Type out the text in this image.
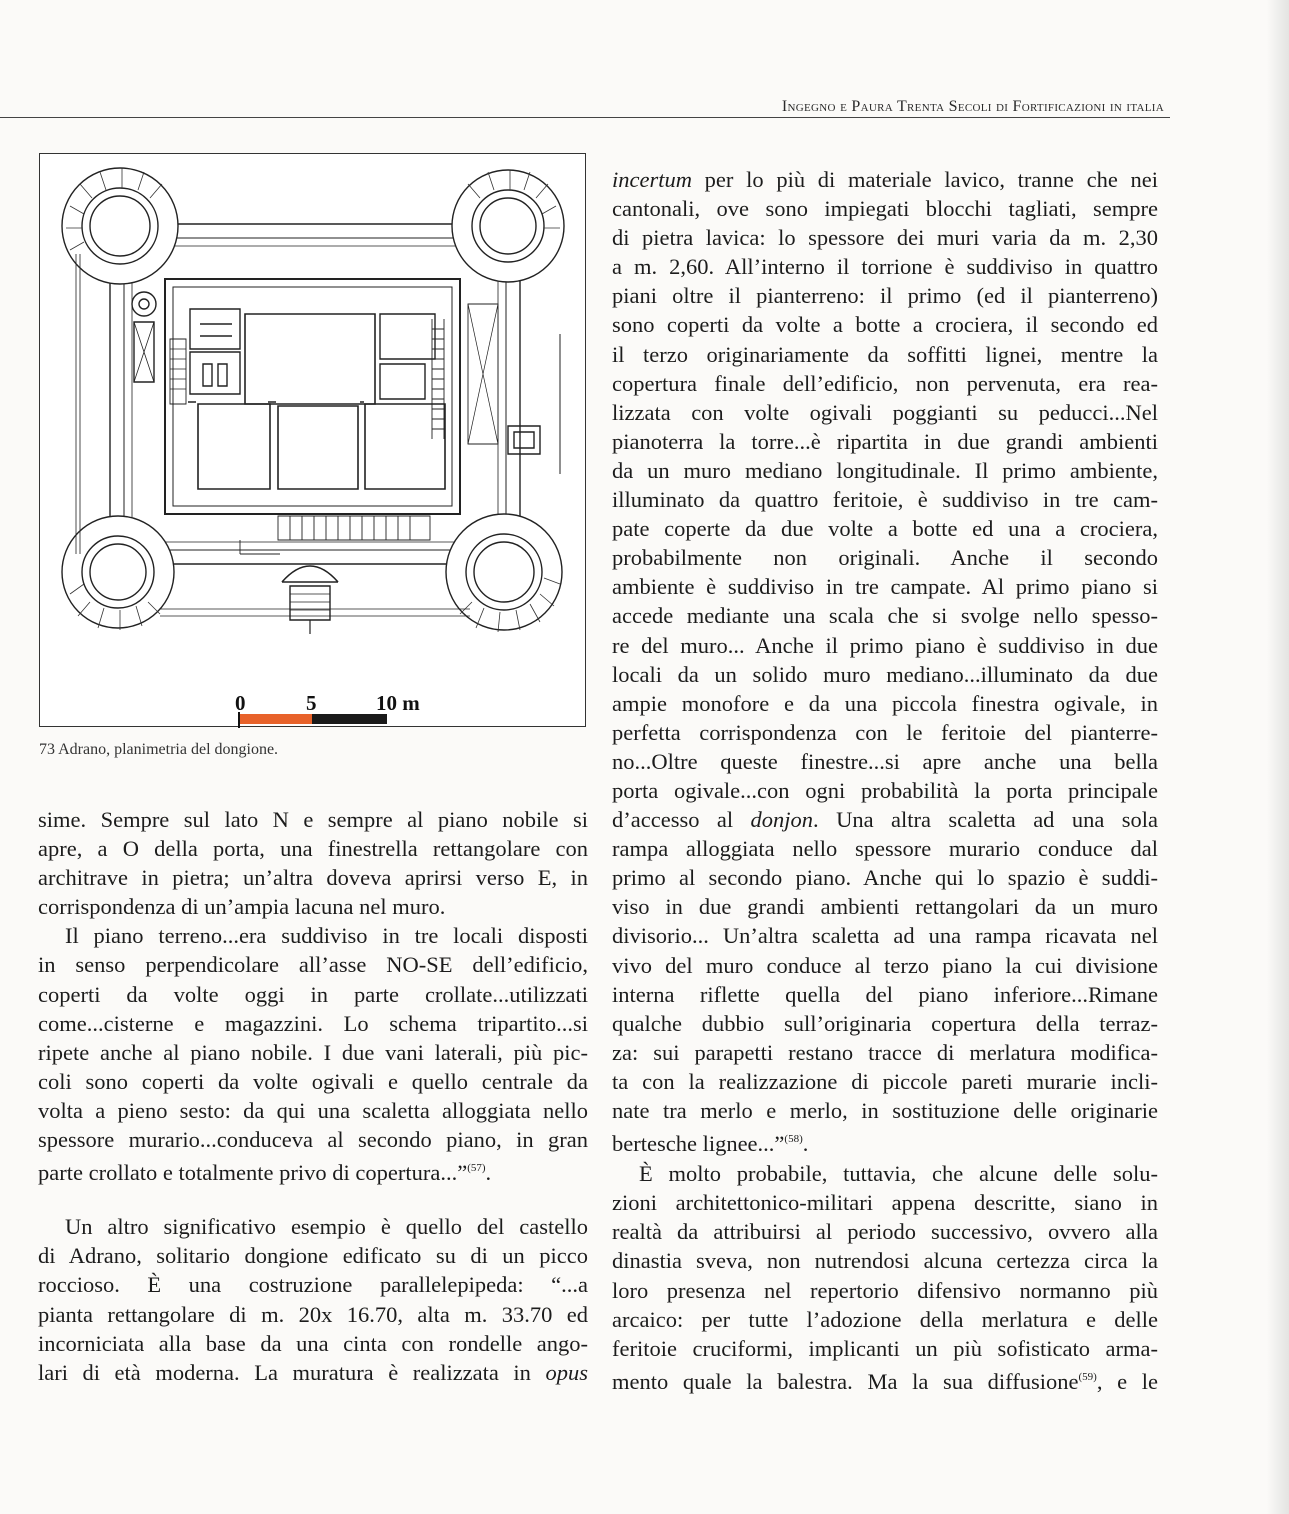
Ingegno e Paura Trenta Secoli di Fortificazioni in italia
0	5	10 m
73 Adrano, planimetria del dongione.
sime. Sempre sul lato N e sempre al piano nobile si
apre, a O della porta, una finestrella rettangolare con
architrave in pietra; un’altra doveva aprirsi verso E, in
corrispondenza di un’ampia lacuna nel muro.
Il piano terreno...era suddiviso in tre locali disposti
in senso perpendicolare all’asse NO-SE dell’edificio,
coperti da volte oggi in parte crollate...utilizzati
come...cisterne e magazzini. Lo schema tripartito...si
ripete anche al piano nobile. I due vani laterali, più pic-
coli sono coperti da volte ogivali e quello centrale da
volta a pieno sesto: da qui una scaletta alloggiata nello
spessore murario...conduceva al secondo piano, in gran
parte crollato e totalmente privo di copertura...”$^{(57)}$.
Un altro significativo esempio è quello del castello
di Adrano, solitario dongione edificato su di un picco
roccioso. È una costruzione parallelepipeda: “...a
pianta rettangolare di m. 20x 16.70, alta m. 33.70 ed
incorniciata alla base da una cinta con rondelle ango-
lari di età moderna. La muratura è realizzata in opus
incertum per lo più di materiale lavico, tranne che nei
cantonali, ove sono impiegati blocchi tagliati, sempre
di pietra lavica: lo spessore dei muri varia da m. 2,30
a m. 2,60. All’interno il torrione è suddiviso in quattro
piani oltre il pianterreno: il primo (ed il pianterreno)
sono coperti da volte a botte a crociera, il secondo ed
il terzo originariamente da soffitti lignei, mentre la
copertura finale dell’edificio, non pervenuta, era rea-
lizzata con volte ogivali poggianti su peducci...Nel
pianoterra la torre...è ripartita in due grandi ambienti
da un muro mediano longitudinale. Il primo ambiente,
illuminato da quattro feritoie, è suddiviso in tre cam-
pate coperte da due volte a botte ed una a crociera,
probabilmente non originali. Anche il secondo
ambiente è suddiviso in tre campate. Al primo piano si
accede mediante una scala che si svolge nello spesso-
re del muro... Anche il primo piano è suddiviso in due
locali da un solido muro mediano...illuminato da due
ampie monofore e da una piccola finestra ogivale, in
perfetta corrispondenza con le feritoie del pianterre-
no...Oltre queste finestre...si apre anche una bella
porta ogivale...con ogni probabilità la porta principale
d’accesso al donjon. Una altra scaletta ad una sola
rampa alloggiata nello spessore murario conduce dal
primo al secondo piano. Anche qui lo spazio è suddi-
viso in due grandi ambienti rettangolari da un muro
divisorio... Un’altra scaletta ad una rampa ricavata nel
vivo del muro conduce al terzo piano la cui divisione
interna riflette quella del piano inferiore...Rimane
qualche dubbio sull’originaria copertura della terraz-
za: sui parapetti restano tracce di merlatura modifica-
ta con la realizzazione di piccole pareti murarie incli-
nate tra merlo e merlo, in sostituzione delle originarie
bertesche lignee...”$^{(58)}$.
È molto probabile, tuttavia, che alcune delle solu-
zioni architettonico-militari appena descritte, siano in
realtà da attribuirsi al periodo successivo, ovvero alla
dinastia sveva, non nutrendosi alcuna certezza circa la
loro presenza nel repertorio difensivo normanno più
arcaico: per tutte l’adozione della merlatura e delle
feritoie cruciformi, implicanti un più sofisticato arma-
mento quale la balestra. Ma la sua diffusione$^{(59)}$, e le
